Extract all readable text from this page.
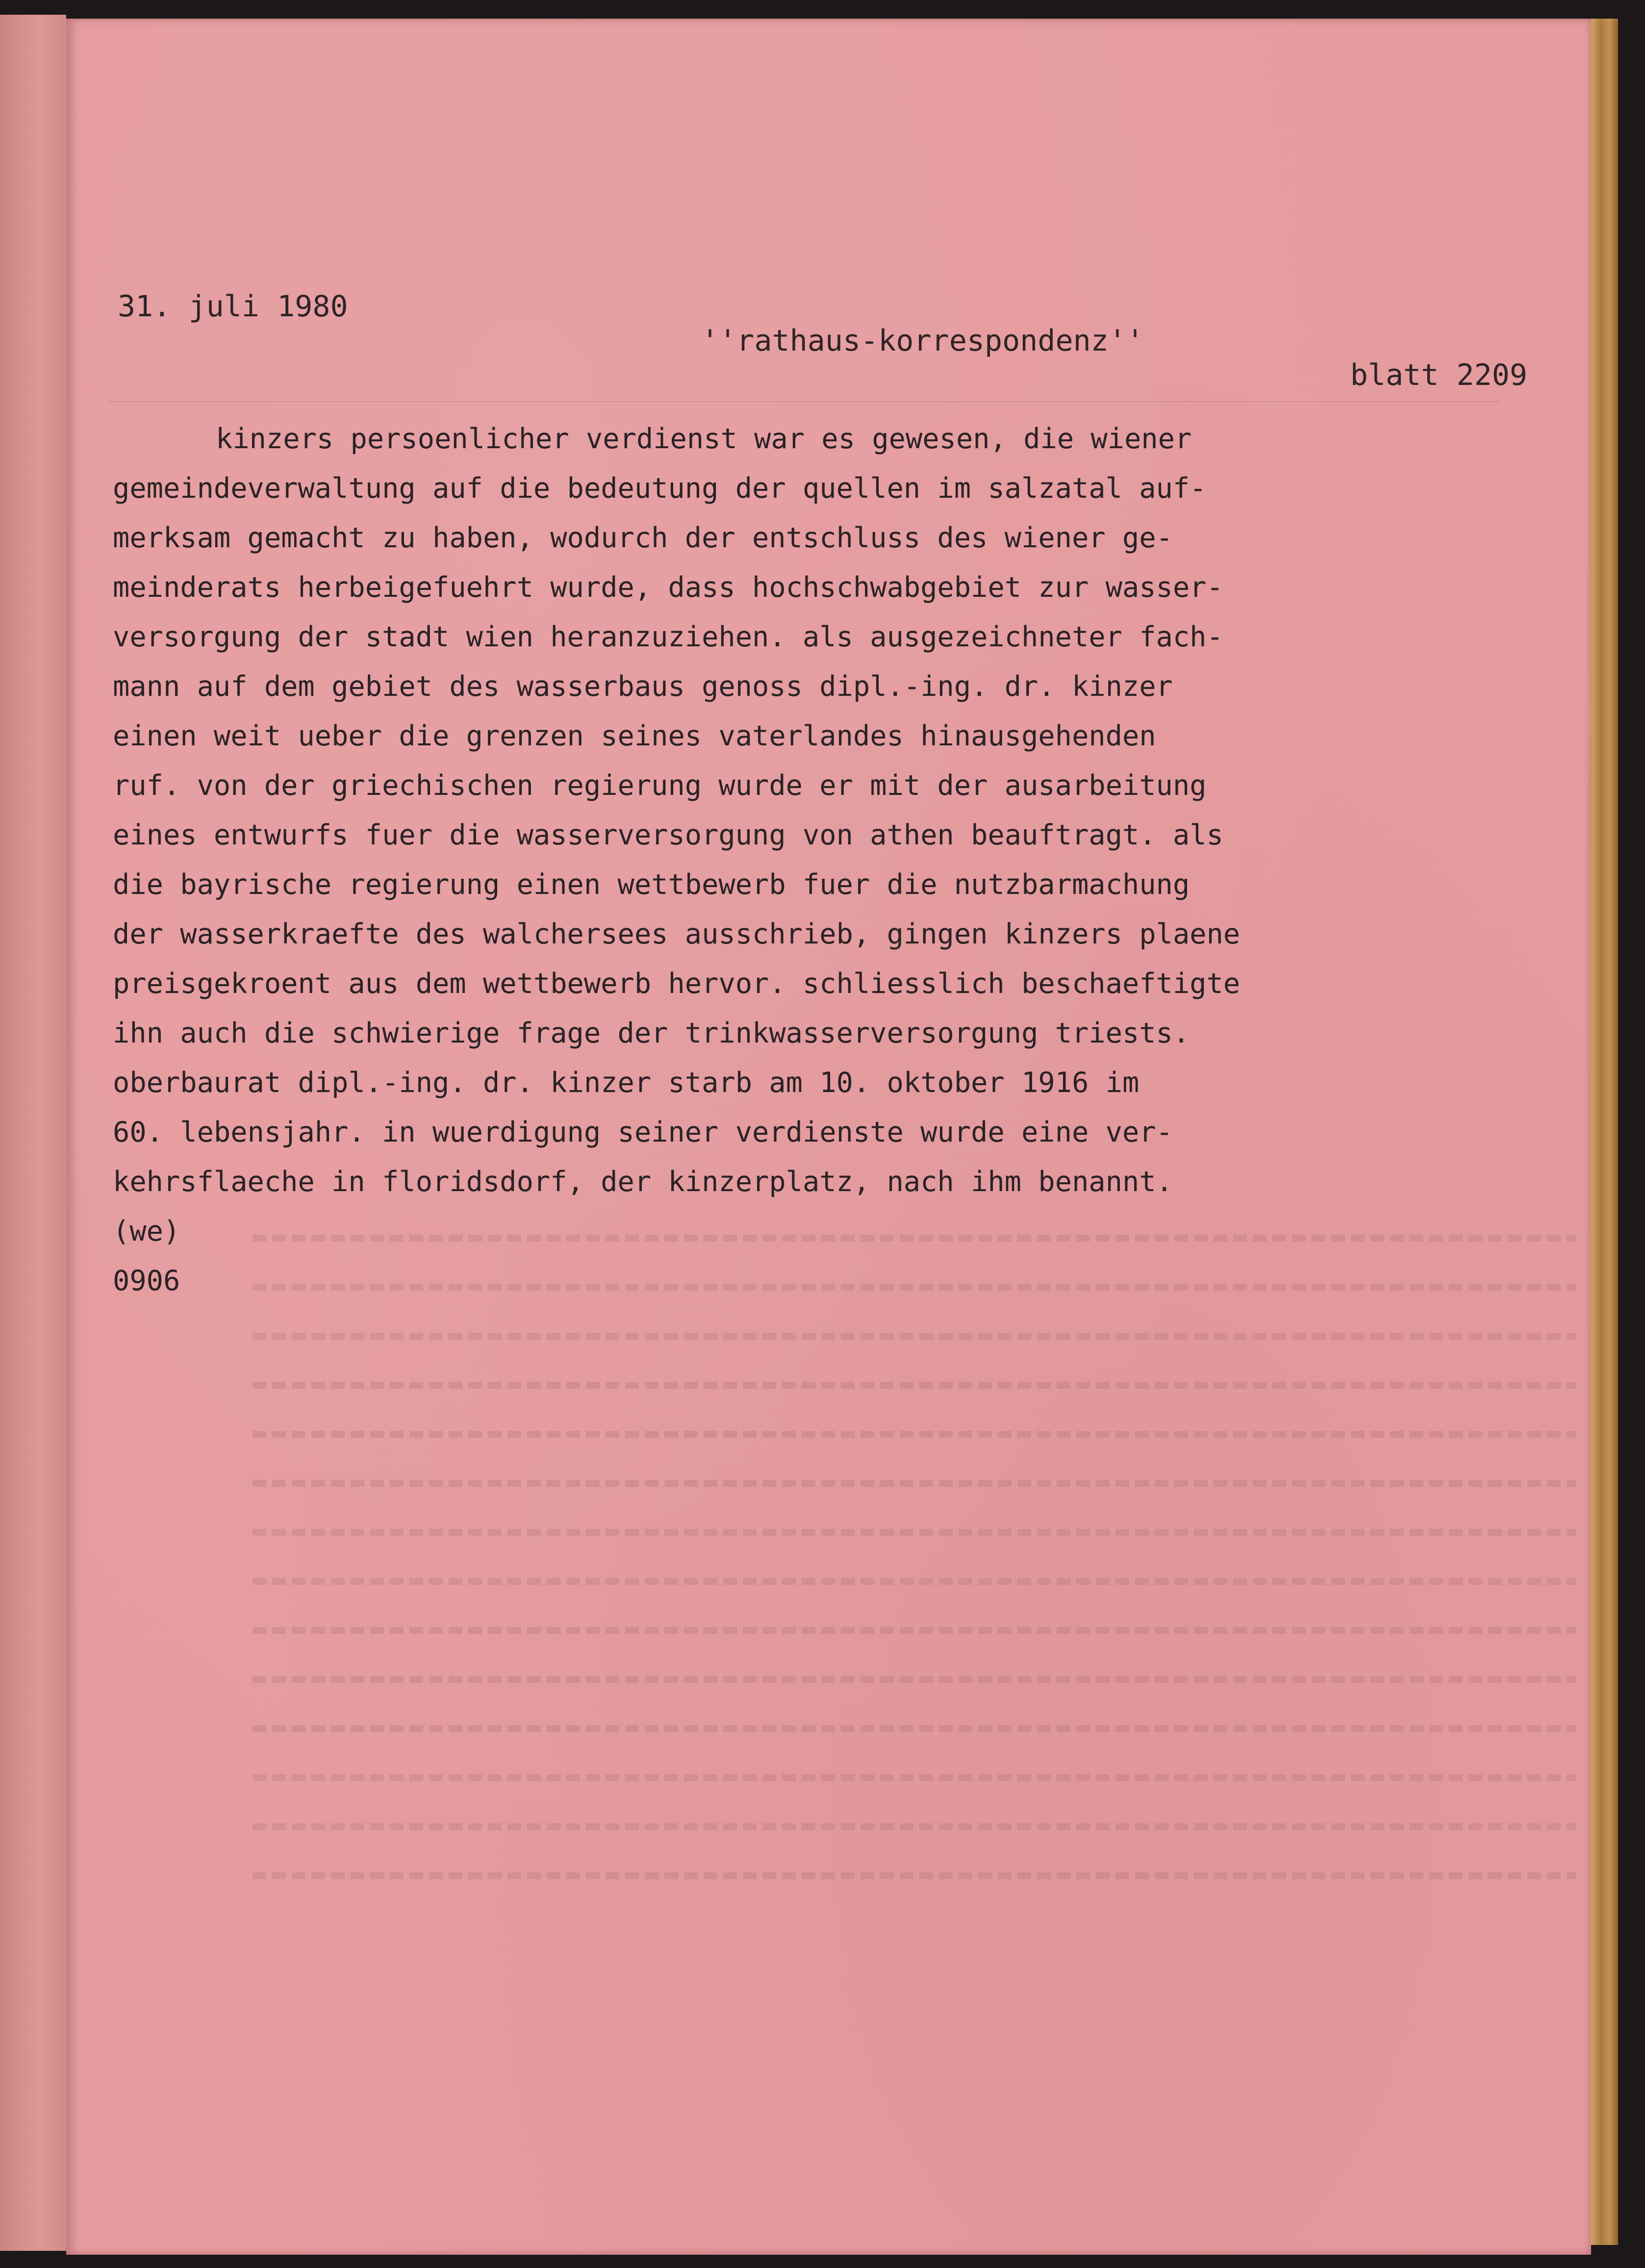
31. juli 1980

''rathaus-korrespondenz''

blatt 2209

kinzers persoenlicher verdienst war es gewesen, die wiener
gemeindeverwaltung auf die bedeutung der quellen im salzatal auf-
merksam gemacht zu haben, wodurch der entschluss des wiener ge-
meinderats herbeigefuehrt wurde, dass hochschwabgebiet zur wasser-
versorgung der stadt wien heranzuziehen. als ausgezeichneter fach-
mann auf dem gebiet des wasserbaus genoss dipl.-ing. dr. kinzer
einen weit ueber die grenzen seines vaterlandes hinausgehenden
ruf. von der griechischen regierung wurde er mit der ausarbeitung
eines entwurfs fuer die wasserversorgung von athen beauftragt. als
die bayrische regierung einen wettbewerb fuer die nutzbarmachung
der wasserkraefte des walchersees ausschrieb, gingen kinzers plaene
preisgekroent aus dem wettbewerb hervor. schliesslich beschaeftigte
ihn auch die schwierige frage der trinkwasserversorgung triests.
oberbaurat dipl.-ing. dr. kinzer starb am 10. oktober 1916 im
60. lebensjahr. in wuerdigung seiner verdienste wurde eine ver-
kehrsflaeche in floridsdorf, der kinzerplatz, nach ihm benannt.
(we)
0906
